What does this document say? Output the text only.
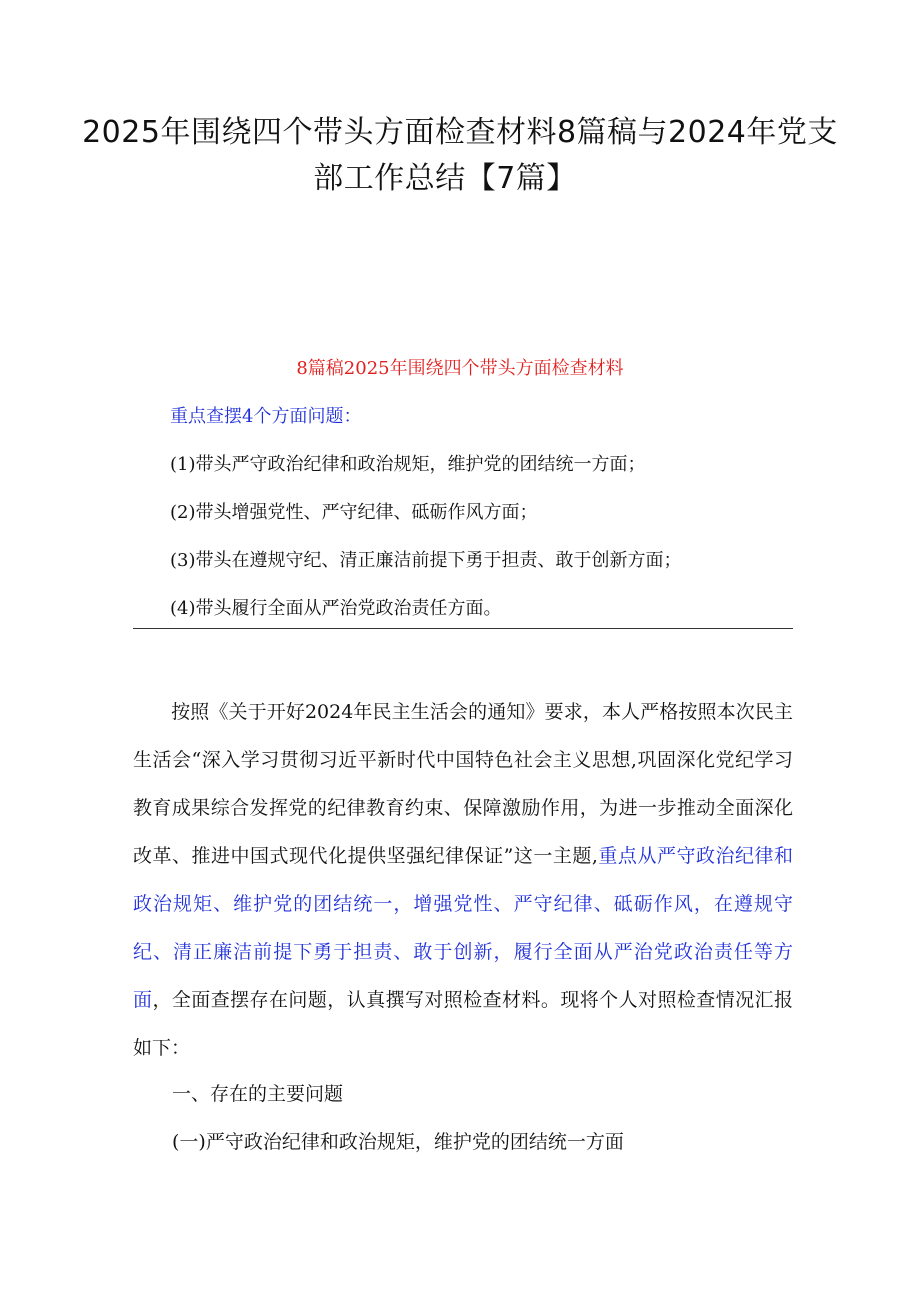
2025年围绕四个带头方面检查材料8篇稿与2024年党支
部工作总结【7篇】
8篇稿2025年围绕四个带头方面检查材料
重点查摆4个方面问题：
(1)带头严守政治纪律和政治规矩，维护党的团结统一方面；
(2)带头增强党性、严守纪律、砥砺作风方面；
(3)带头在遵规守纪、清正廉洁前提下勇于担责、敢于创新方面；
(4)带头履行全面从严治党政治责任方面。

按照《关于开好2024年民主生活会的通知》要求，本人严格按照本次民主生活会“深入学习贯彻习近平新时代中国特色社会主义思想,巩固深化党纪学习教育成果综合发挥党的纪律教育约束、保障激励作用，为进一步推动全面深化改革、推进中国式现代化提供坚强纪律保证”这一主题,重点从严守政治纪律和政治规矩、维护党的团结统一，增强党性、严守纪律、砥砺作风，在遵规守纪、清正廉洁前提下勇于担责、敢于创新，履行全面从严治党政治责任等方面，全面查摆存在问题，认真撰写对照检查材料。现将个人对照检查情况汇报如下：

一、存在的主要问题
(一)严守政治纪律和政治规矩，维护党的团结统一方面
